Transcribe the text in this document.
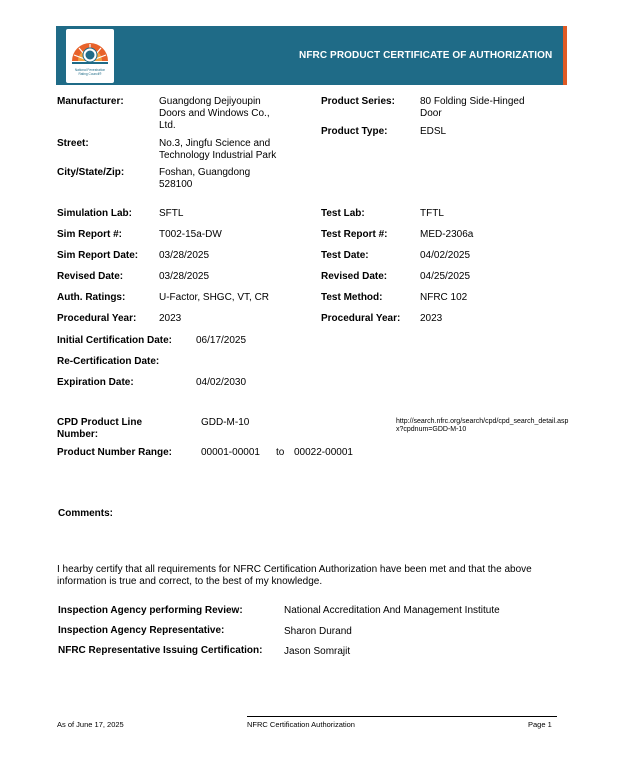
National Fenestration
Rating Council®
NFRC PRODUCT CERTIFICATE OF AUTHORIZATION
Manufacturer:	Guangdong Dejiyoupin Doors and Windows Co., Ltd.
Street:	No.3, Jingfu Science and Technology Industrial Park
City/State/Zip:	Foshan, Guangdong 528100
Product Series:	80 Folding Side-Hinged Door
Product Type:	EDSL
Simulation Lab:	SFTL
Sim Report #:	T002-15a-DW
Sim Report Date: 03/28/2025
Revised Date:	03/28/2025
Auth. Ratings:	U-Factor, SHGC, VT, CR
Procedural Year: 2023
Test Lab:	TFTL
Test Report #:	MED-2306a
Test Date:	04/02/2025
Revised Date:	04/25/2025
Test Method:	NFRC 102
Procedural Year: 2023
Initial Certification Date: 06/17/2025
Re-Certification Date:
Expiration Date:	04/02/2030
CPD Product Line Number:
GDD-M-10	http://search.nfrc.org/search/cpd/cpd_search_detail.aspx?cpdnum=GDD-M-10
Product Number Range:	00001-00001 to 00022-00001
Comments:
I hearby certify that all requirements for NFRC Certification Authorization have been met and that the above information is true and correct, to the best of my knowledge.
Inspection Agency performing Review:	National Accreditation And Management Institute
Inspection Agency Representative:	Sharon Durand
NFRC Representative Issuing Certification: Jason Somrajit
As of June 17, 2025	NFRC Certification Authorization	Page 1
